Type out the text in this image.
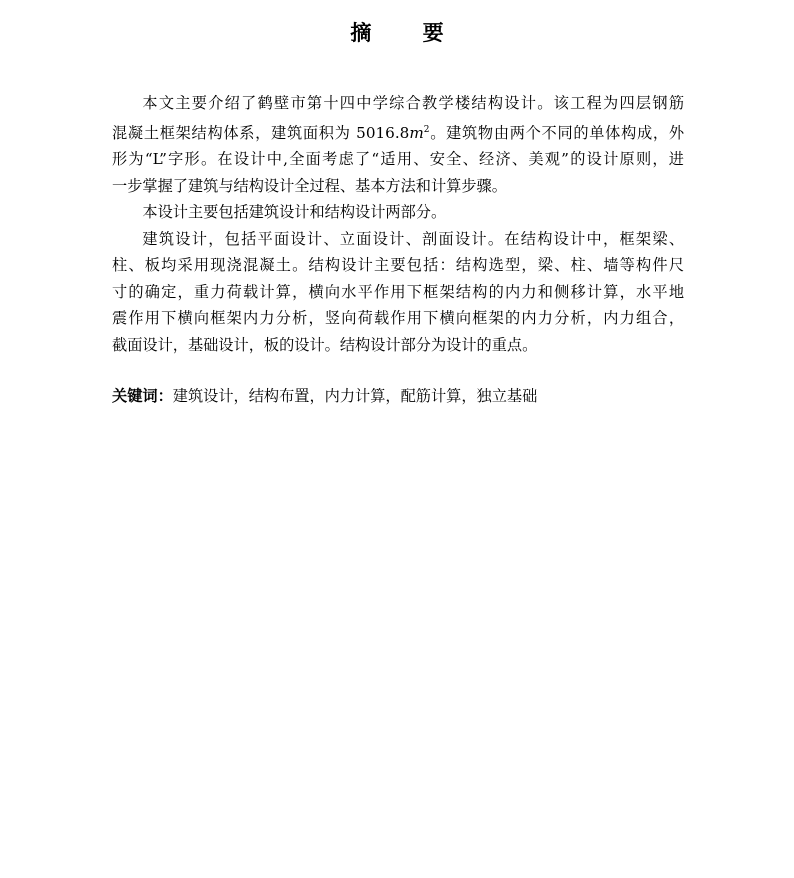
摘 要

本文主要介绍了鹤壁市第十四中学综合教学楼结构设计。该工程为四层钢筋
混凝土框架结构体系，建筑面积为 $5016.8m^2$。建筑物由两个不同的单体构成，外
形为“L”字形。在设计中,全面考虑了“适用、安全、经济、美观”的设计原则，进
一步掌握了建筑与结构设计全过程、基本方法和计算步骤。

本设计主要包括建筑设计和结构设计两部分。

建筑设计，包括平面设计、立面设计、剖面设计。在结构设计中，框架梁、
柱、板均采用现浇混凝土。结构设计主要包括：结构选型，梁、柱、墙等构件尺
寸的确定，重力荷载计算，横向水平作用下框架结构的内力和侧移计算，水平地
震作用下横向框架内力分析，竖向荷载作用下横向框架的内力分析，内力组合，
截面设计，基础设计，板的设计。结构设计部分为设计的重点。

关键词：建筑设计，结构布置，内力计算，配筋计算，独立基础
